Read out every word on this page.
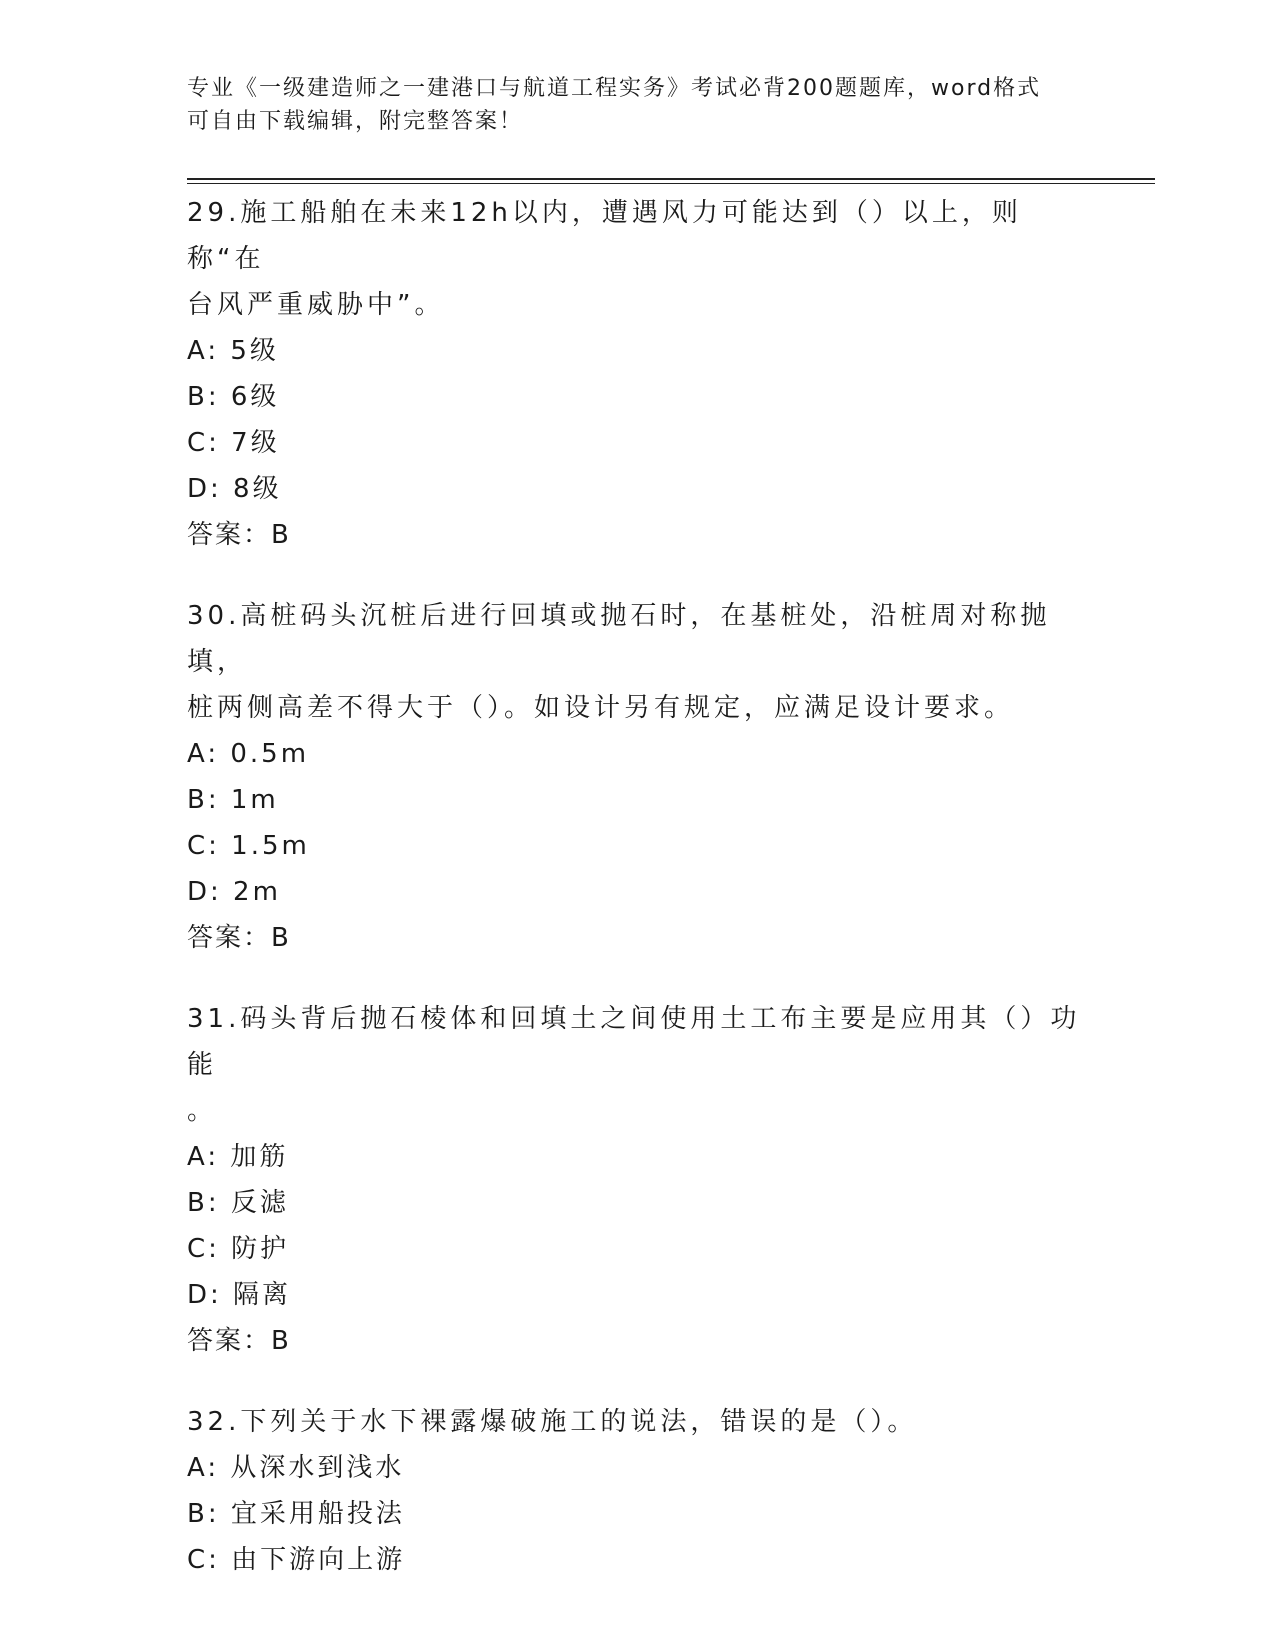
专业《一级建造师之一建港口与航道工程实务》考试必背200题题库，word格式

可自由下载编辑，附完整答案！

29.施工船舶在未来12h以内，遭遇风力可能达到（）以上，则称“在

台风严重威胁中”。

A: 5级

B: 6级

C: 7级

D: 8级

答案：B

30.高桩码头沉桩后进行回填或抛石时，在基桩处，沿桩周对称抛填，

桩两侧高差不得大于（）。如设计另有规定，应满足设计要求。

A: 0.5m

B: 1m

C: 1.5m

D: 2m

答案：B

31.码头背后抛石棱体和回填土之间使用土工布主要是应用其（）功能

。

A: 加筋

B: 反滤

C: 防护

D: 隔离

答案：B

32.下列关于水下裸露爆破施工的说法，错误的是（）。

A: 从深水到浅水

B: 宜采用船投法

C: 由下游向上游
